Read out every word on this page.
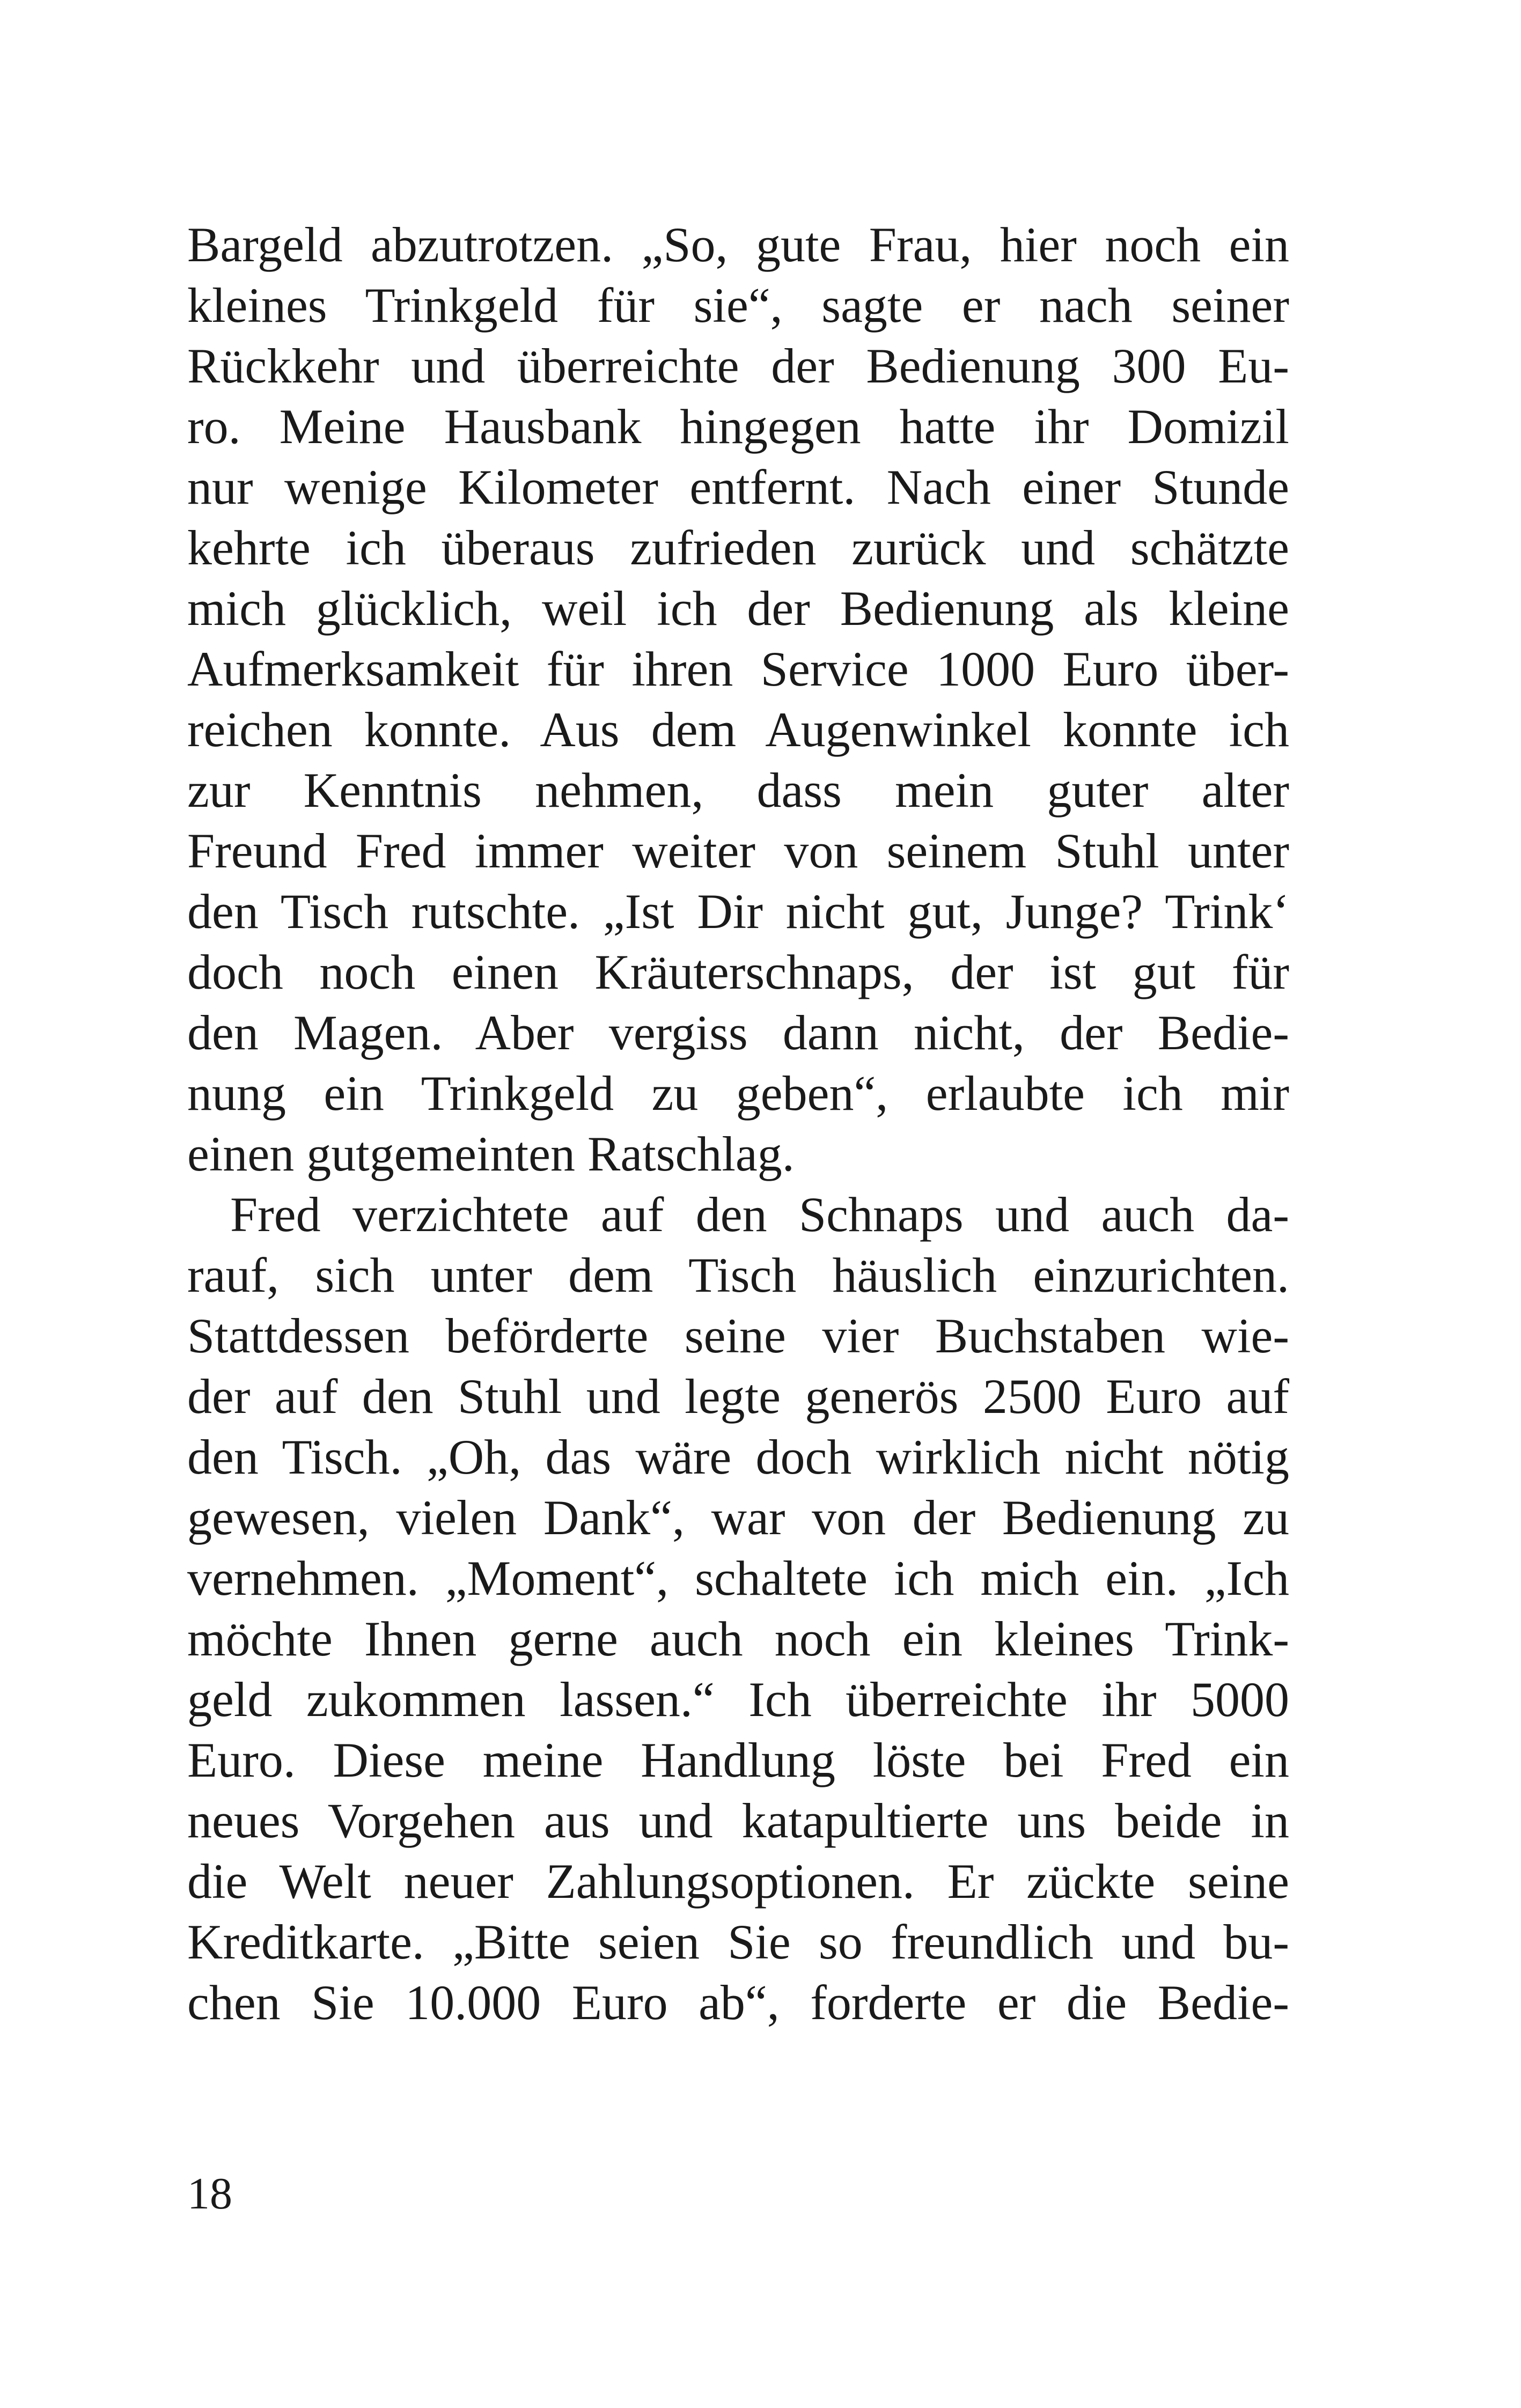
Bargeld abzutrotzen. „So, gute Frau, hier noch ein
kleines Trinkgeld für sie“, sagte er nach seiner
Rückkehr und überreichte der Bedienung 300 Eu-
ro. Meine Hausbank hingegen hatte ihr Domizil
nur wenige Kilometer entfernt. Nach einer Stunde
kehrte ich überaus zufrieden zurück und schätzte
mich glücklich, weil ich der Bedienung als kleine
Aufmerksamkeit für ihren Service 1000 Euro über-
reichen konnte. Aus dem Augenwinkel konnte ich
zur Kenntnis nehmen, dass mein guter alter
Freund Fred immer weiter von seinem Stuhl unter
den Tisch rutschte. „Ist Dir nicht gut, Junge? Trink‘
doch noch einen Kräuterschnaps, der ist gut für
den Magen. Aber vergiss dann nicht, der Bedie-
nung ein Trinkgeld zu geben“, erlaubte ich mir
einen gutgemeinten Ratschlag.
Fred verzichtete auf den Schnaps und auch da-
rauf, sich unter dem Tisch häuslich einzurichten.
Stattdessen beförderte seine vier Buchstaben wie-
der auf den Stuhl und legte generös 2500 Euro auf
den Tisch. „Oh, das wäre doch wirklich nicht nötig
gewesen, vielen Dank“, war von der Bedienung zu
vernehmen. „Moment“, schaltete ich mich ein. „Ich
möchte Ihnen gerne auch noch ein kleines Trink-
geld zukommen lassen.“ Ich überreichte ihr 5000
Euro. Diese meine Handlung löste bei Fred ein
neues Vorgehen aus und katapultierte uns beide in
die Welt neuer Zahlungsoptionen. Er zückte seine
Kreditkarte. „Bitte seien Sie so freundlich und bu-
chen Sie 10.000 Euro ab“, forderte er die Bedie-
18
